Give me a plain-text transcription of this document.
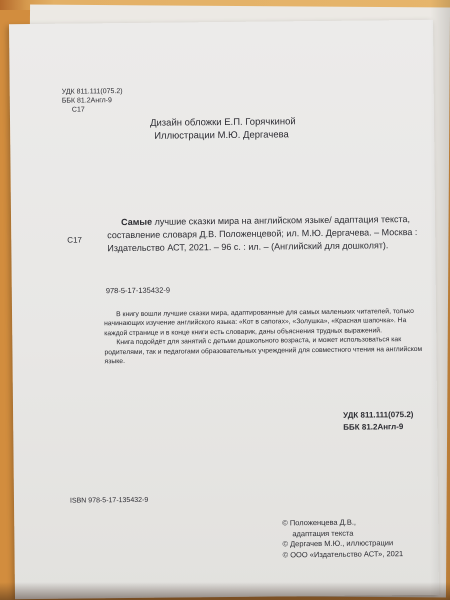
УДК 811.111(075.2)
ББК 81.2Англ-9
С17
Дизайн обложки Е.П. Горячкиной
Иллюстрации М.Ю. Дергачева
С17
Самые лучшие сказки мира на английском языке/ адаптация текста, составление словаря Д.В. Положенцевой; ил. М.Ю. Дергачева. – Москва : Издательство АСТ, 2021. – 96 с. : ил. – (Английский для дошколят).
978-5-17-135432-9

В книгу вошли лучшие сказки мира, адаптированные для самых маленьких читателей, только начинающих изучение английского языка: «Кот в сапогах», «Золушка», «Красная шапочка». На каждой странице и в конце книги есть словарик, даны объяснения трудных выражений.

Книга подойдёт для занятий с детьми дошкольного возраста, и может использоваться как родителями, так и педагогами образовательных учреждений для совместного чтения на английском языке.

УДК 811.111(075.2)
ББК 81.2Англ-9
ISBN 978-5-17-135432-9
© Положенцева Д.В.,
адаптация текста
© Дергачев М.Ю., иллюстрации
© ООО «Издательство АСТ», 2021
